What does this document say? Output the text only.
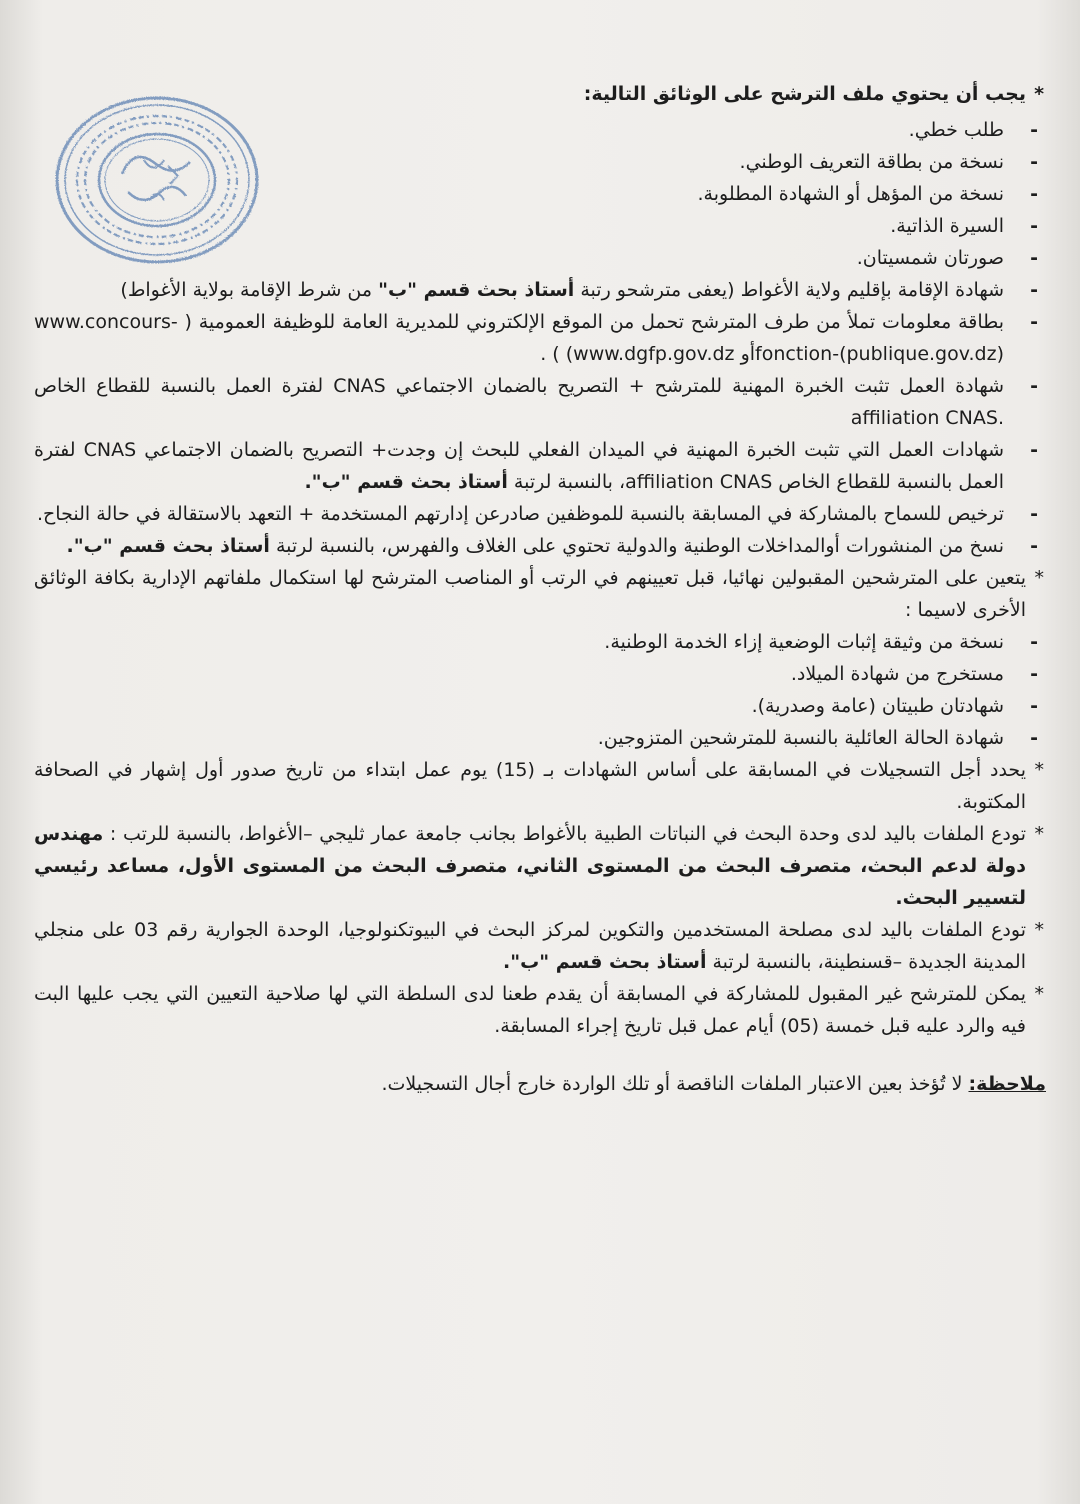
* يجب أن يحتوي ملف الترشح على الوثائق التالية:

- طلب خطي.
- نسخة من بطاقة التعريف الوطني.
- نسخة من المؤهل أو الشهادة المطلوبة.
- السيرة الذاتية.
- صورتان شمسيتان.
- شهادة الإقامة بإقليم ولاية الأغواط (يعفى مترشحو رتبة أستاذ بحث قسم "ب" من شرط الإقامة بولاية الأغواط)
- بطاقة معلومات تملأ من طرف المترشح تحمل من الموقع الإلكتروني للمديرية العامة للوظيفة العمومية ( www.concours-fonction-(publique.gov.dz)أو (www.dgfp.gov.dz ) .
- شهادة العمل تثبت الخبرة المهنية للمترشح + التصريح بالضمان الاجتماعي CNAS لفترة العمل بالنسبة للقطاع الخاص affiliation CNAS.
- شهادات العمل التي تثبت الخبرة المهنية في الميدان الفعلي للبحث إن وجدت+ التصريح بالضمان الاجتماعي CNAS لفترة العمل بالنسبة للقطاع الخاص affiliation CNAS، بالنسبة لرتبة أستاذ بحث قسم "ب".
- ترخيص للسماح بالمشاركة في المسابقة بالنسبة للموظفين صادرعن إدارتهم المستخدمة + التعهد بالاستقالة في حالة النجاح.
- نسخ من المنشورات أوالمداخلات الوطنية والدولية تحتوي على الغلاف والفهرس، بالنسبة لرتبة أستاذ بحث قسم "ب".

* يتعين على المترشحين المقبولين نهائيا، قبل تعيينهم في الرتب أو المناصب المترشح لها استكمال ملفاتهم الإدارية بكافة الوثائق الأخرى لاسيما :

- نسخة من وثيقة إثبات الوضعية إزاء الخدمة الوطنية.
- مستخرج من شهادة الميلاد.
- شهادتان طبيتان (عامة وصدرية).
- شهادة الحالة العائلية بالنسبة للمترشحين المتزوجين.

* يحدد أجل التسجيلات في المسابقة على أساس الشهادات بـ (15) يوم عمل ابتداء من تاريخ صدور أول إشهار في الصحافة المكتوبة.

* تودع الملفات باليد لدى وحدة البحث في النباتات الطبية بالأغواط بجانب جامعة عمار ثليجي –الأغواط، بالنسبة للرتب : مهندس دولة لدعم البحث، متصرف البحث من المستوى الثاني، متصرف البحث من المستوى الأول، مساعد رئيسي لتسيير البحث.

* تودع الملفات باليد لدى مصلحة المستخدمين والتكوين لمركز البحث في البيوتكنولوجيا، الوحدة الجوارية رقم 03 على منجلي المدينة الجديدة –قسنطينة، بالنسبة لرتبة أستاذ بحث قسم "ب".

* يمكن للمترشح غير المقبول للمشاركة في المسابقة أن يقدم طعنا لدى السلطة التي لها صلاحية التعيين التي يجب عليها البت فيه والرد عليه قبل خمسة (05) أيام عمل قبل تاريخ إجراء المسابقة.

ملاحظة: لا تُؤخذ بعين الاعتبار الملفات الناقصة أو تلك الواردة خارج أجال التسجيلات.
